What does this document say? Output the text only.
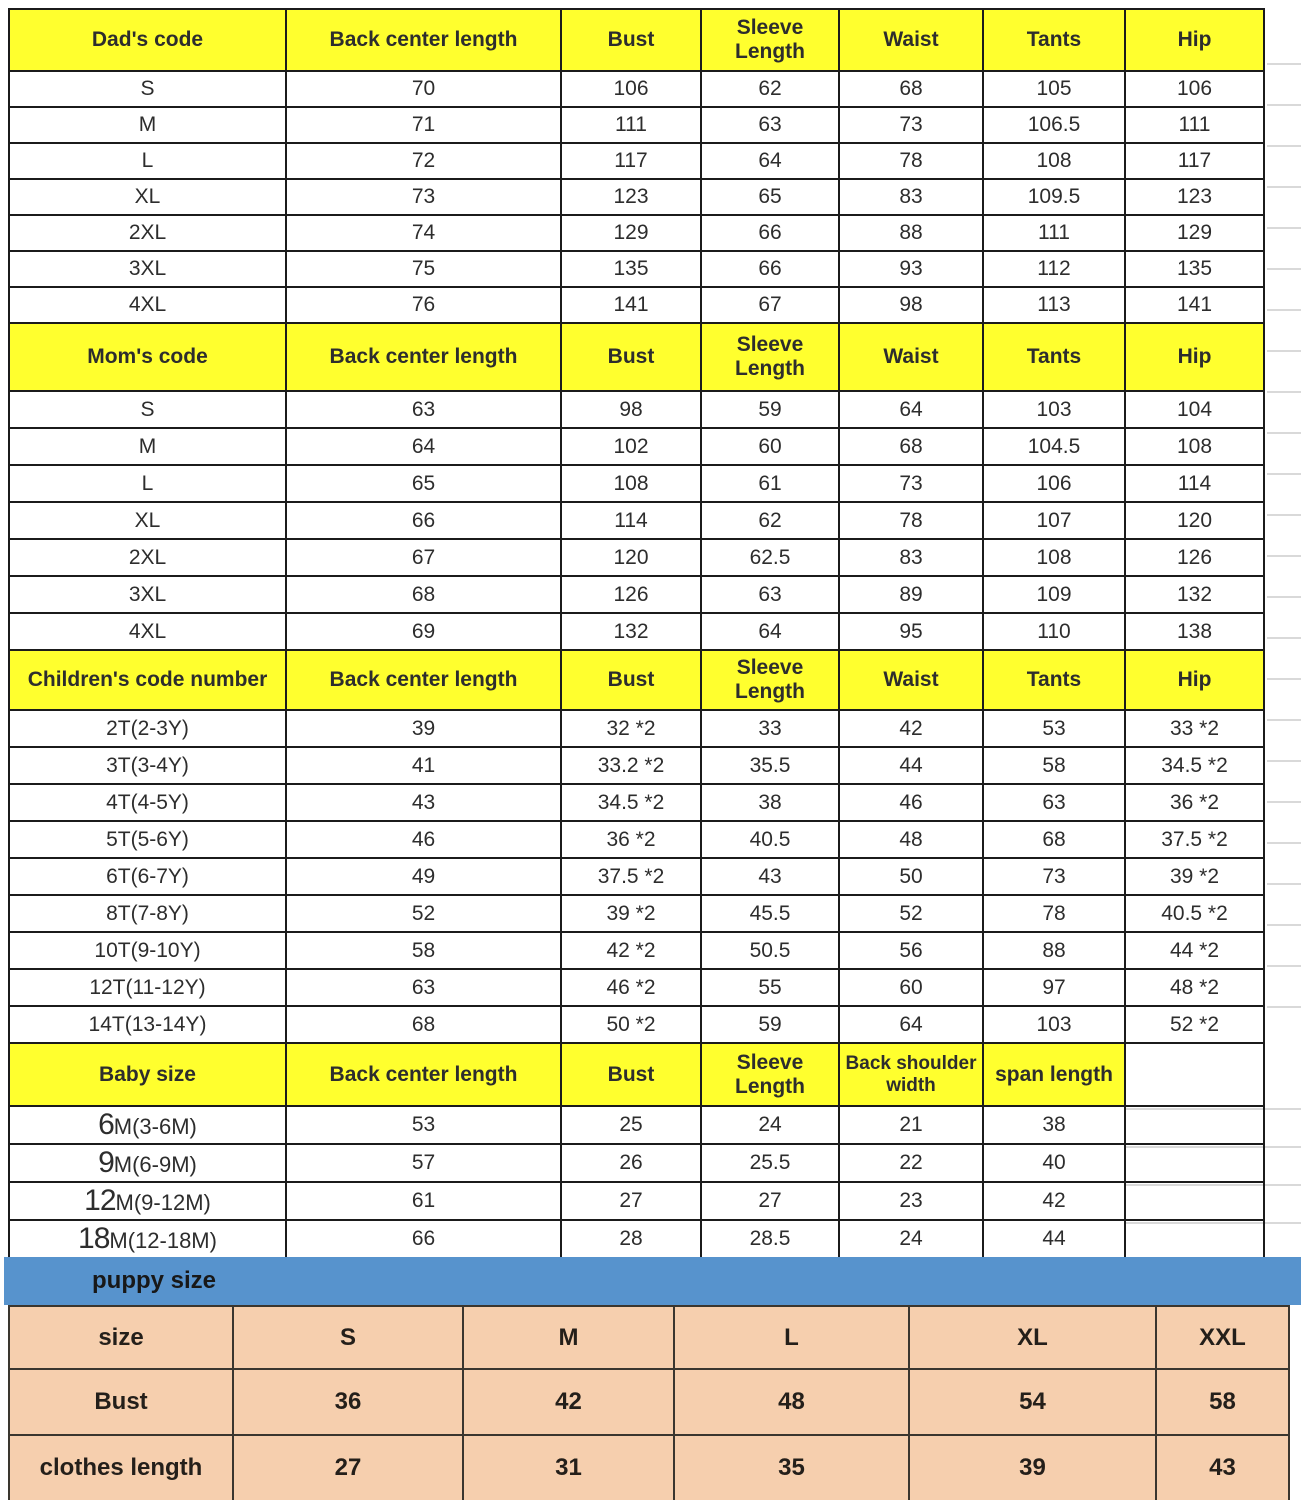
Dad's code	Back center length	Bust	Sleeve Length	Waist	Tants	Hip
S	70	106	62	68	105	106
M	71	111	63	73	106.5	111
L	72	117	64	78	108	117
XL	73	123	65	83	109.5	123
2XL	74	129	66	88	111	129
3XL	75	135	66	93	112	135
4XL	76	141	67	98	113	141
Mom's code	Back center length	Bust	Sleeve Length	Waist	Tants	Hip
S	63	98	59	64	103	104
M	64	102	60	68	104.5	108
L	65	108	61	73	106	114
XL	66	114	62	78	107	120
2XL	67	120	62.5	83	108	126
3XL	68	126	63	89	109	132
4XL	69	132	64	95	110	138
Children's code number	Back center length	Bust	Sleeve Length	Waist	Tants	Hip
2T(2-3Y)	39	32 *2	33	42	53	33 *2
3T(3-4Y)	41	33.2 *2	35.5	44	58	34.5 *2
4T(4-5Y)	43	34.5 *2	38	46	63	36 *2
5T(5-6Y)	46	36 *2	40.5	48	68	37.5 *2
6T(6-7Y)	49	37.5 *2	43	50	73	39 *2
8T(7-8Y)	52	39 *2	45.5	52	78	40.5 *2
10T(9-10Y)	58	42 *2	50.5	56	88	44 *2
12T(11-12Y)	63	46 *2	55	60	97	48 *2
14T(13-14Y)	68	50 *2	59	64	103	52 *2
Baby size	Back center length	Bust	Sleeve Length	Back shoulder width	span length	
6M(3-6M)	53	25	24	21	38	
9M(6-9M)	57	26	25.5	22	40	
12M(9-12M)	61	27	27	23	42	
18M(12-18M)	66	28	28.5	24	44	
puppy size
size	S	M	L	XL	XXL
Bust	36	42	48	54	58
clothes length	27	31	35	39	43
